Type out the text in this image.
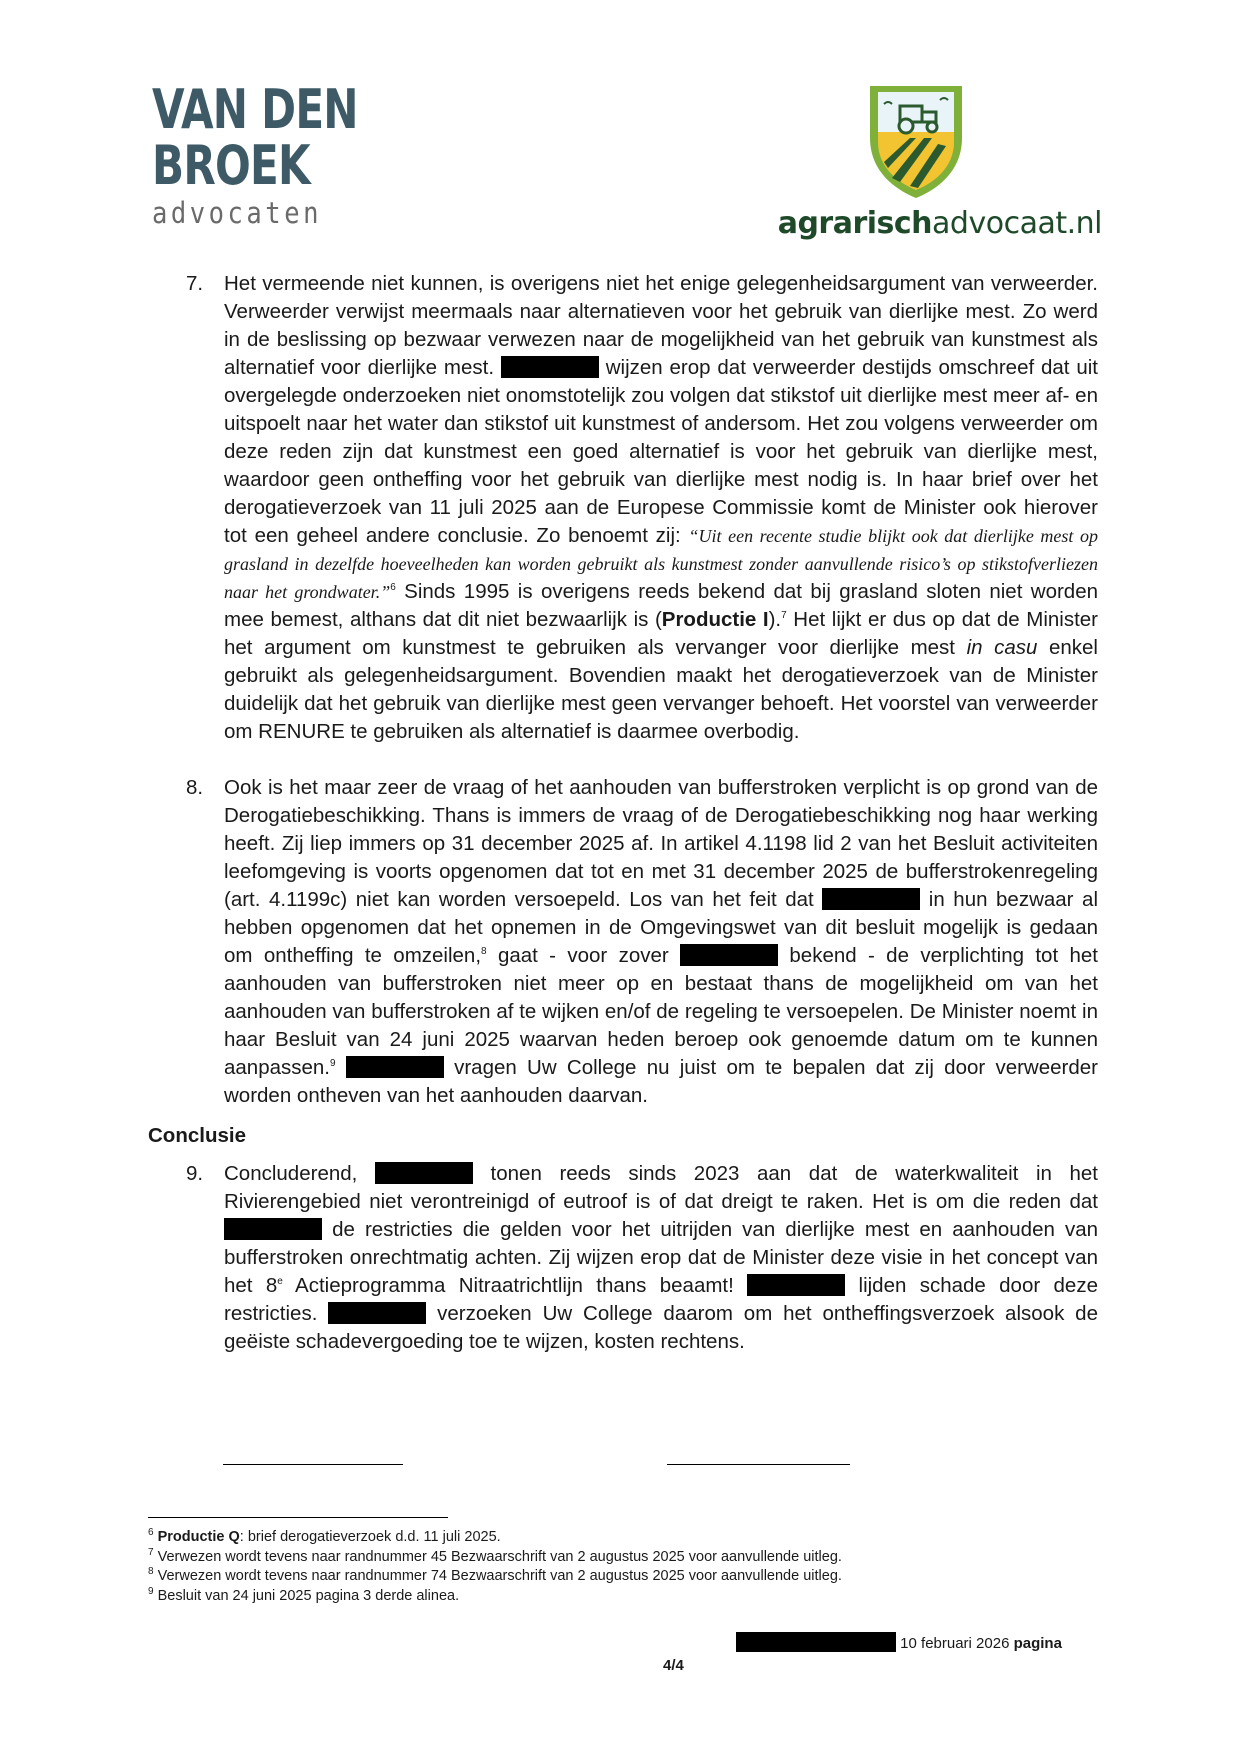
VAN DEN
BROEK
advocaten	agrarischadvocaat.nl
7. Het vermeende niet kunnen, is overigens niet het enige gelegenheidsargument van verweerder. Verweerder verwijst meermaals naar alternatieven voor het gebruik van dierlijke mest. Zo werd in de beslissing op bezwaar verwezen naar de mogelijkheid van het gebruik van kunstmest als alternatief voor dierlijke mest.	wijzen erop dat verweerder destijds omschreef dat uit overgelegde onderzoeken niet onomstotelijk zou volgen dat stikstof uit dierlijke mest meer af- en uitspoelt naar het water dan stikstof uit kunstmest of andersom. Het zou volgens verweerder om deze reden zijn dat kunstmest een goed alternatief is voor het gebruik van dierlijke mest, waardoor geen ontheffing voor het gebruik van dierlijke mest nodig is. In haar brief over het derogatieverzoek van 11 juli 2025 aan de Europese Commissie komt de Minister ook hierover tot een geheel andere conclusie. Zo benoemt zij: “Uit een recente studie blijkt ook dat dierlijke mest op grasland in dezelfde hoeveelheden kan worden gebruikt als kunstmest zonder aanvullende risico’s op stikstofverliezen naar het grondwater.”$^6$ Sinds 1995 is overigens reeds bekend dat bij grasland sloten niet worden mee bemest, althans dat dit niet bezwaarlijk is (Productie I).$^7$ Het lijkt er dus op dat de Minister het argument om kunstmest te gebruiken als vervanger voor dierlijke mest in casu enkel gebruikt als gelegenheidsargument. Bovendien maakt het derogatieverzoek van de Minister duidelijk dat het gebruik van dierlijke mest geen vervanger behoeft. Het voorstel van verweerder om RENURE te gebruiken als alternatief is daarmee overbodig.
8. Ook is het maar zeer de vraag of het aanhouden van bufferstroken verplicht is op grond van de Derogatiebeschikking. Thans is immers de vraag of de Derogatiebeschikking nog haar werking heeft. Zij liep immers op 31 december 2025 af. In artikel 4.1198 lid 2 van het Besluit activiteiten leefomgeving is voorts opgenomen dat tot en met 31 december 2025 de bufferstrokenregeling (art. 4.1199c) niet kan worden versoepeld. Los van het feit dat	in hun bezwaar al hebben opgenomen dat het opnemen in de Omgevingswet van dit besluit mogelijk is gedaan om ontheffing te omzeilen,$^8$ gaat - voor zover	bekend - de verplichting tot het aanhouden van bufferstroken niet meer op en bestaat thans de mogelijkheid om van het aanhouden van bufferstroken af te wijken en/of de regeling te versoepelen. De Minister noemt in haar Besluit van 24 juni 2025 waarvan heden beroep ook genoemde datum om te kunnen aanpassen.$^9$	vragen Uw College nu juist om te bepalen dat zij door verweerder worden ontheven van het aanhouden daarvan.
Conclusie
9. Concluderend,	tonen reeds sinds 2023 aan dat de waterkwaliteit in het Rivierengebied niet verontreinigd of eutroof is of dat dreigt te raken. Het is om die reden dat  de restricties die gelden voor het uitrijden van dierlijke mest en aanhouden van bufferstroken onrechtmatig achten. Zij wijzen erop dat de Minister deze visie in het concept van het 8e Actieprogramma Nitraatrichtlijn thans beaamt!	lijden schade door deze restricties.	verzoeken Uw College daarom om het ontheffingsverzoek alsook de geëiste schadevergoeding toe te wijzen, kosten rechtens.
$^6$ Productie Q: brief derogatieverzoek d.d. 11 juli 2025.
$^7$ Verwezen wordt tevens naar randnummer 45 Bezwaarschrift van 2 augustus 2025 voor aanvullende uitleg.
$^8$ Verwezen wordt tevens naar randnummer 74 Bezwaarschrift van 2 augustus 2025 voor aanvullende uitleg.
$^9$ Besluit van 24 juni 2025 pagina 3 derde alinea.
10 februari 2026 pagina
4/4
